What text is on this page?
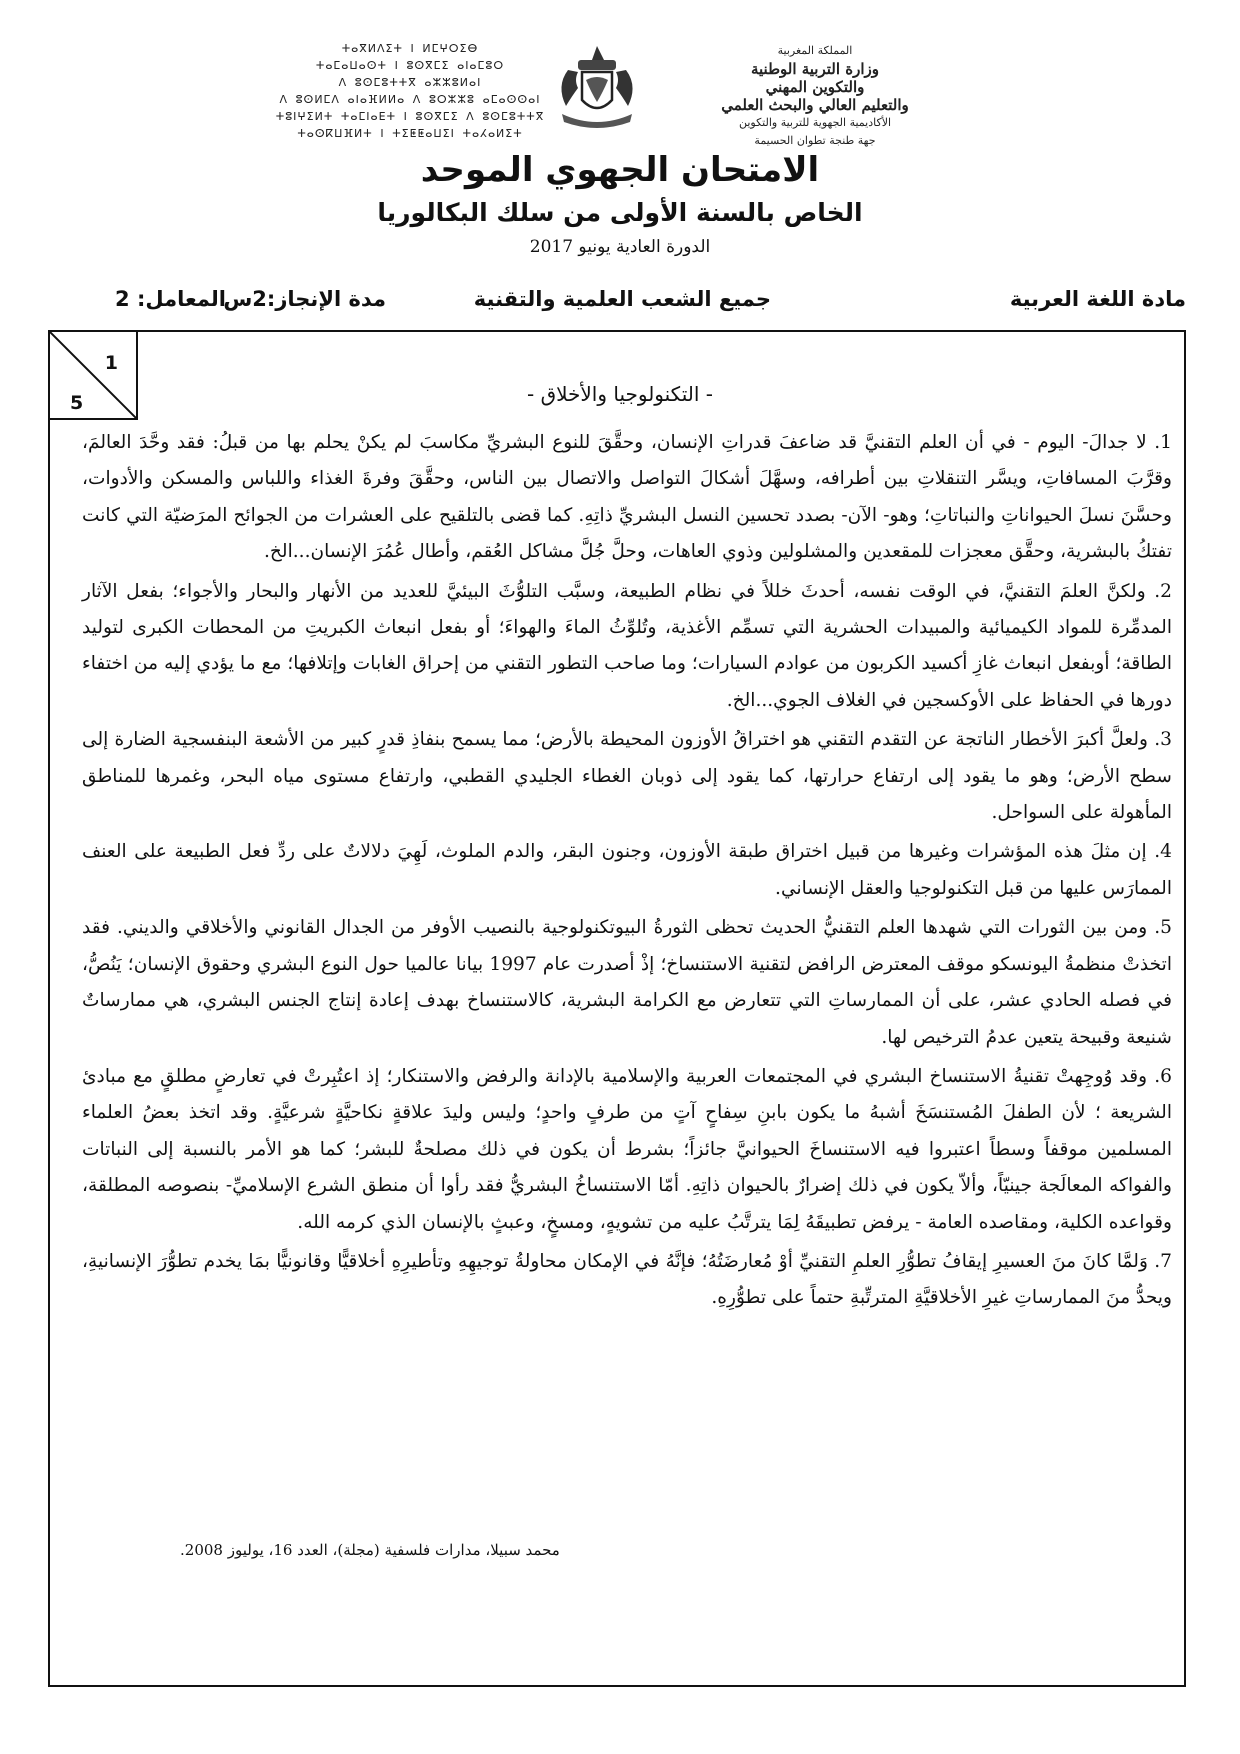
ⵜⴰⴳⵍⴷⵉⵜ ⵏ ⵍⵎⵖⵔⵉⴱ
ⵜⴰⵎⴰⵡⴰⵙⵜ ⵏ ⵓⵙⴳⵎⵉ ⴰⵏⴰⵎⵓⵔ
ⴷ ⵓⵙⵎⵓⵜⵜⴳ ⴰⵣⵣⵓⵍⴰⵏ
ⴷ ⵓⵙⵍⵎⴷ ⴰⵏⴰⴼⵍⵍⴰ ⴷ ⵓⵔⵣⵣⵓ ⴰⵎⴰⵙⵙⴰⵏ
ⵜⵓⵏⵖⵉⵍⵜ ⵜⴰⵎⵏⴰⴹⵜ ⵏ ⵓⵙⴳⵎⵉ ⴷ ⵓⵙⵎⵓⵜⵜⴳ
ⵜⴰⵙⴽⵡⴼⵍⵜ ⵏ ⵜⵉⵟⵟⴰⵡⵉⵏ ⵜⴰⵃⴰⵍⵉⵜ
المملكة المغربية
وزارة التربية الوطنية
والتكوين المهني
والتعليم العالي والبحث العلمي
الأكاديمية الجهوية للتربية والتكوين
جهة طنجة تطوان الحسيمة
الامتحان الجهوي الموحد
الخاص بالسنة الأولى من سلك البكالوريا
الدورة العادية يونيو 2017
مادة اللغة العربية
جميع الشعب العلمية والتقنية
مدة الإنجاز:2س
المعامل: 2
1
5	- التكنولوجيا والأخلاق -

1. لا جدالَ- اليوم - في أن العلم التقنيَّ قد ضاعفَ قدراتِ الإنسان، وحقَّقَ للنوع البشريِّ مكاسبَ لم يكنْ يحلم بها من قبلُ: فقد وحَّدَ العالمَ، وقرَّبَ المسافاتِ، ويسَّر التنقلاتِ بين أطرافه، وسهَّلَ أشكالَ التواصل والاتصال بين الناس، وحقَّقَ وفرةَ الغذاء واللباس والمسكن والأدوات، وحسَّنَ نسلَ الحيواناتِ والنباتاتِ؛ وهو- الآن- بصدد تحسين النسل البشريِّ ذاتِهِ. كما قضى بالتلقيح على العشرات من الجوائح المرَضيّة التي كانت تفتكُ بالبشرية، وحقَّق معجزات للمقعدين والمشلولين وذوي العاهات، وحلَّ جُلَّ مشاكل العُقم، وأطال عُمُرَ الإنسان...الخ.

2. ولكنَّ العلمَ التقنيَّ، في الوقت نفسه، أحدثَ خللاً في نظام الطبيعة، وسبَّب التلوُّثَ البيئيَّ للعديد من الأنهار والبحار والأجواء؛ بفعل الآثار المدمِّرة للمواد الكيميائية والمبيدات الحشرية التي تسمِّم الأغذية، وتُلوِّثُ الماءَ والهواءَ؛ أو بفعل انبعاث الكبريتِ من المحطات الكبرى لتوليد الطاقة؛ أوبفعل انبعاث غازِ أكسيد الكربون من عوادم السيارات؛ وما صاحب التطور التقني من إحراق الغابات وإتلافها؛ مع ما يؤدي إليه من اختفاء دورها في الحفاظ على الأوكسجين في الغلاف الجوي...الخ.

3. ولعلَّ أكبرَ الأخطار الناتجة عن التقدم التقني هو اختراقُ الأوزون المحيطة بالأرض؛ مما يسمح بنفاذِ قدرٍ كبير من الأشعة البنفسجية الضارة إلى سطح الأرض؛ وهو ما يقود إلى ارتفاع حرارتها، كما يقود إلى ذوبان الغطاء الجليدي القطبي، وارتفاع مستوى مياه البحر، وغمرها للمناطق المأهولة على السواحل.

4. إن مثلَ هذه المؤشرات وغيرها من قبيل اختراق طبقة الأوزون، وجنون البقر، والدم الملوث، لَهِيَ دلالاتٌ على ردِّ فعل الطبيعة على العنف الممارَس عليها من قبل التكنولوجيا والعقل الإنساني.

5. ومن بين الثورات التي شهدها العلم التقنيُّ الحديث تحظى الثورةُ البيوتكنولوجية بالنصيب الأوفر من الجدال القانوني والأخلاقي والديني. فقد اتخذتْ منظمةُ اليونسكو موقف المعترض الرافض لتقنية الاستنساخ؛ إذْ أصدرت عام 1997 بيانا عالميا حول النوع البشري وحقوق الإنسان؛ يَنُصُّ، في فصله الحادي عشر، على أن الممارساتِ التي تتعارض مع الكرامة البشرية، كالاستنساخ بهدف إعادة إنتاج الجنس البشري، هي ممارساتٌ شنيعة وقبيحة يتعين عدمُ الترخيص لها.

6. وقد وُوجِهتْ تقنيةُ الاستنساخ البشري في المجتمعات العربية والإسلامية بالإدانة والرفض والاستنكار؛ إذ اعتُبِرتْ في تعارضٍ مطلقٍ مع مبادئ الشريعة ؛ لأن الطفلَ المُستنسَخَ أشبهُ ما يكون بابنِ سِفاحٍ آتٍ من طرفٍ واحدٍ؛ وليس وليدَ علاقةٍ نكاحيَّةٍ شرعيَّةٍ. وقد اتخذ بعضُ العلماء المسلمين موقفاً وسطاً اعتبروا فيه الاستنساخَ الحيوانيَّ جائزاً؛ بشرط أن يكون في ذلك مصلحةٌ للبشر؛ كما هو الأمر بالنسبة إلى النباتات والفواكه المعالَجة جينيّاً، وألاّ يكون في ذلك إضرارٌ بالحيوان ذاتِهِ. أمّا الاستنساخُ البشريُّ فقد رأوا أن منطق الشرع الإسلاميِّ- بنصوصه المطلقة، وقواعده الكلية، ومقاصده العامة - يرفض تطبيقَهُ لِمَا يترتَّبُ عليه من تشويهٍ، ومسخٍ، وعبثٍ بالإنسان الذي كرمه الله.

7. وَلمَّا كانَ منَ العسيرِ إيقافُ تطوُّرِ العلمِ التقنيِّ أوْ مُعارضَتُهُ؛ فإنَّهُ في الإمكان محاولةُ توجيهِهِ وتأطيرِهِ أخلاقيًّا وقانونيًّا بمَا يخدم تطوُّرَ الإنسانيةِ، ويحدُّ منَ الممارساتِ غيرِ الأخلاقيَّةِ المترتِّبةِ حتماً على تطوُّرِهِ.

محمد سبيلا، مدارات فلسفية (مجلة)، العدد 16، يوليوز 2008.
